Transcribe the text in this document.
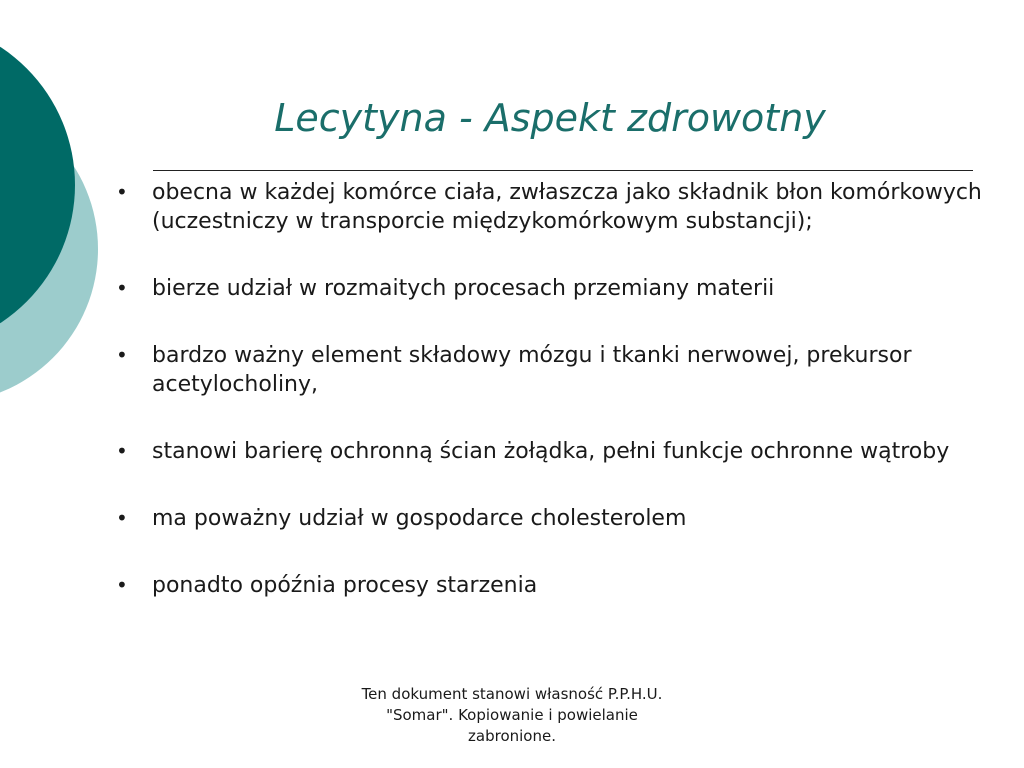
Lecytyna - Aspekt zdrowotny
• obecna w każdej komórce ciała, zwłaszcza jako składnik błon komórkowych (uczestniczy w transporcie międzykomórkowym substancji);
• bierze udział w rozmaitych procesach przemiany materii
• bardzo ważny element składowy mózgu i tkanki nerwowej, prekursor acetylocholiny,
• stanowi barierę ochronną ścian żołądka, pełni funkcje ochronne wątroby
• ma poważny udział w gospodarce cholesterolem
• ponadto opóźnia procesy starzenia
Ten dokument stanowi własność P.P.H.U. "Somar". Kopiowanie i powielanie zabronione.
